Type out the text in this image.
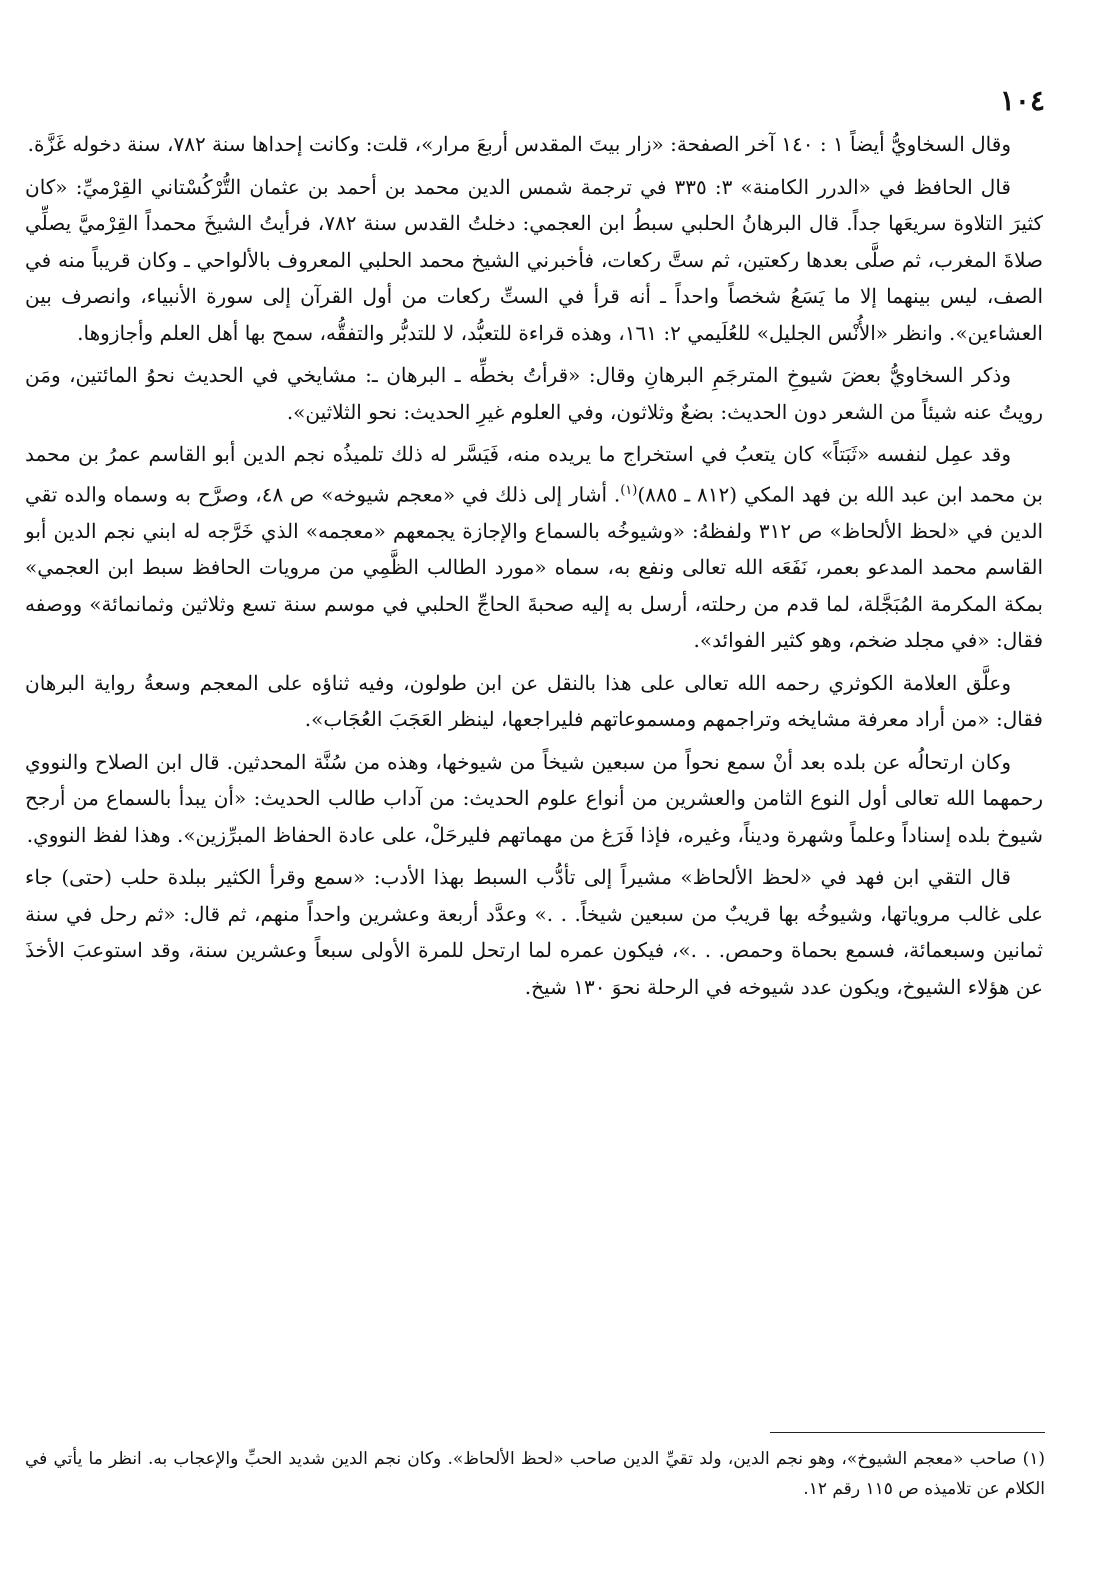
١٠٤

وقال السخاويُّ أيضاً ١ : ١٤٠ آخر الصفحة: «زار بيتَ المقدس أربعَ مرار»، قلت: وكانت إحداها سنة ٧٨٢، سنة دخوله غَزَّة.

قال الحافظ في «الدرر الكامنة» ٣: ٣٣٥ في ترجمة شمس الدين محمد بن أحمد بن عثمان التُّرْكُسْتاني القِرْميِّ: «كان كثيرَ التلاوة سريعَها جداً. قال البرهانُ الحلبي سبطُ ابن العجمي: دخلتُ القدس سنة ٧٨٢، فرأيتُ الشيخَ محمداً القِرْميَّ يصلِّي صلاةَ المغرب، ثم صلَّى بعدها ركعتين، ثم ستَّ ركعات، فأخبرني الشيخ محمد الحلبي المعروف بالألواحي ـ وكان قريباً منه في الصف، ليس بينهما إلا ما يَسَعُ شخصاً واحداً ـ أنه قرأ في الستِّ ركعات من أول القرآن إلى سورة الأنبياء، وانصرف بين العشاءين». وانظر «الأُنْس الجليل» للعُلَيمي ٢: ١٦١، وهذه قراءة للتعبُّد، لا للتدبُّر والتفقُّه، سمح بها أهل العلم وأجازوها.

وذكر السخاويُّ بعضَ شيوخِ المترجَمِ البرهانِ وقال: «قرأتُ بخطِّه ـ البرهان ـ: مشايخي في الحديث نحوُ المائتين، ومَن رويتُ عنه شيئاً من الشعر دون الحديث: بضعٌ وثلاثون، وفي العلوم غيرِ الحديث: نحو الثلاثين».

وقد عمِل لنفسه «ثَبَتاً» كان يتعبُ في استخراج ما يريده منه، فَيَسَّر له ذلك تلميذُه نجم الدين أبو القاسم عمرُ بن محمد بن محمد ابن عبد الله بن فهد المكي (٨١٢ ـ ٨٨٥)$^{(١)}$. أشار إلى ذلك في «معجم شيوخه» ص ٤٨، وصرَّح به وسماه والده تقي الدين في «لحظ الألحاظ» ص ٣١٢ ولفظهُ: «وشيوخُه بالسماع والإجازة يجمعهم «معجمه» الذي خَرَّجه له ابني نجم الدين أبو القاسم محمد المدعو بعمر، نَفَعَه الله تعالى ونفع به، سماه «مورد الطالب الظَّمِي من مرويات الحافظ سبط ابن العجمي» بمكة المكرمة المُبَجَّلة، لما قدم من رحلته، أرسل به إليه صحبةَ الحاجِّ الحلبي في موسم سنة تسع وثلاثين وثمانمائة» ووصفه فقال: «في مجلد ضخم، وهو كثير الفوائد».

وعلَّق العلامة الكوثري رحمه الله تعالى على هذا بالنقل عن ابن طولون، وفيه ثناؤه على المعجم وسعةُ رواية البرهان فقال: «من أراد معرفة مشايخه وتراجمهم ومسموعاتهم فليراجعها، لينظر العَجَبَ العُجَاب».

وكان ارتحالُه عن بلده بعد أنْ سمع نحواً من سبعين شيخاً من شيوخها، وهذه من سُنَّة المحدثين. قال ابن الصلاح والنووي رحمهما الله تعالى أول النوع الثامن والعشرين من أنواع علوم الحديث: من آداب طالب الحديث: «أن يبدأ بالسماع من أرجح شيوخ بلده إسناداً وعلماً وشهرة وديناً، وغيره، فإذا فَرَغ من مهماتهم فليرحَلْ، على عادة الحفاظ المبرِّزين». وهذا لفظ النووي.

قال التقي ابن فهد في «لحظ الألحاظ» مشيراً إلى تأدُّب السبط بهذا الأدب: «سمع وقرأ الكثير ببلدة حلب (حتى) جاء على غالب مروياتها، وشيوخُه بها قريبٌ من سبعين شيخاً. . .» وعدَّد أربعة وعشرين واحداً منهم، ثم قال: «ثم رحل في سنة ثمانين وسبعمائة، فسمع بحماة وحمص. . .»، فيكون عمره لما ارتحل للمرة الأولى سبعاً وعشرين سنة، وقد استوعبَ الأخذَ عن هؤلاء الشيوخ، ويكون عدد شيوخه في الرحلة نحوَ ١٣٠ شيخ.

(١) صاحب «معجم الشيوخ»، وهو نجم الدين، ولد تقيِّ الدين صاحب «لحظ الألحاظ». وكان نجم الدين شديد الحبِّ والإعجاب به. انظر ما يأتي في الكلام عن تلاميذه ص ١١٥ رقم ١٢.
